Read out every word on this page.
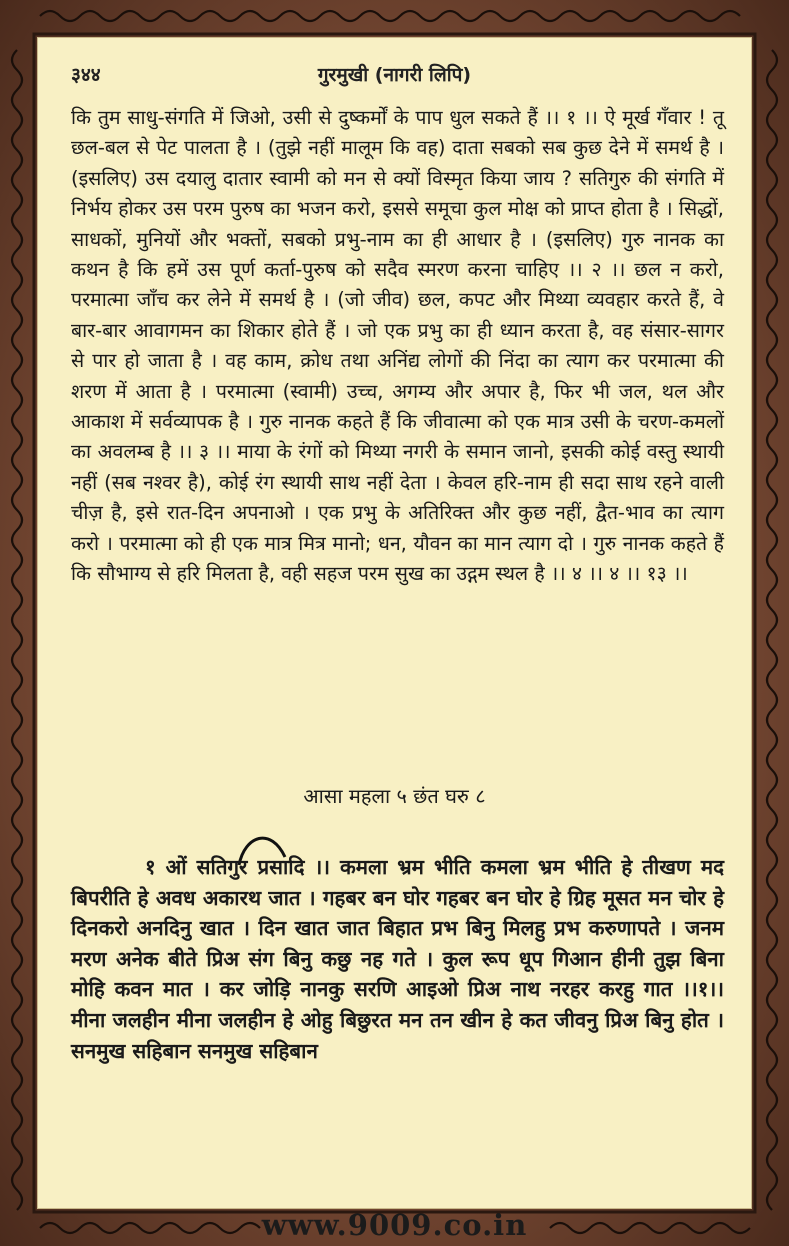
३४४	गुरमुखी (नागरी लिपि)

कि तुम साधु-संगति में जिओ, उसी से दुष्कर्मों के पाप धुल सकते हैं ।। १ ।। ऐ मूर्ख गँवार ! तू छल-बल से पेट पालता है । (तुझे नहीं मालूम कि वह) दाता सबको सब कुछ देने में समर्थ है । (इसलिए) उस दयालु दातार स्वामी को मन से क्यों विस्मृत किया जाय ? सतिगुरु की संगति में निर्भय होकर उस परम पुरुष का भजन करो, इससे समूचा कुल मोक्ष को प्राप्त होता है । सिद्धों, साधकों, मुनियों और भक्तों, सबको प्रभु-नाम का ही आधार है । (इसलिए) गुरु नानक का कथन है कि हमें उस पूर्ण कर्ता-पुरुष को सदैव स्मरण करना चाहिए ।। २ ।। छल न करो, परमात्मा जाँच कर लेने में समर्थ है । (जो जीव) छल, कपट और मिथ्या व्यवहार करते हैं, वे बार-बार आवागमन का शिकार होते हैं । जो एक प्रभु का ही ध्यान करता है, वह संसार-सागर से पार हो जाता है । वह काम, क्रोध तथा अनिंद्य लोगों की निंदा का त्याग कर परमात्मा की शरण में आता है । परमात्मा (स्वामी) उच्च, अगम्य और अपार है, फिर भी जल, थल और आकाश में सर्वव्यापक है । गुरु नानक कहते हैं कि जीवात्मा को एक मात्र उसी के चरण-कमलों का अवलम्ब है ।। ३ ।। माया के रंगों को मिथ्या नगरी के समान जानो, इसकी कोई वस्तु स्थायी नहीं (सब नश्वर है), कोई रंग स्थायी साथ नहीं देता । केवल हरि-नाम ही सदा साथ रहने वाली चीज़ है, इसे रात-दिन अपनाओ । एक प्रभु के अतिरिक्त और कुछ नहीं, द्वैत-भाव का त्याग करो । परमात्मा को ही एक मात्र मित्र मानो; धन, यौवन का मान त्याग दो । गुरु नानक कहते हैं कि सौभाग्य से हरि मिलता है, वही सहज परम सुख का उद्गम स्थल है ।। ४ ।। ४ ।। १३ ।।

आसा महला ५ छंत घरु ८

१ ओं सतिगुर प्रसादि ।। कमला भ्रम भीति कमला भ्रम भीति हे तीखण मद बिपरीति हे अवध अकारथ जात । गहबर बन घोर गहबर बन घोर हे ग्रिह मूसत मन चोर हे दिनकरो अनदिनु खात । दिन खात जात बिहात प्रभ बिनु मिलहु प्रभ करुणापते । जनम मरण अनेक बीते प्रिअ संग बिनु कछु नह गते । कुल रूप धूप गिआन हीनी तुझ बिना मोहि कवन मात । कर जोड़ि नानकु सरणि आइओ प्रिअ नाथ नरहर करहु गात ।।१।। मीना जलहीन मीना जलहीन हे ओहु बिछुरत मन तन खीन हे कत जीवनु प्रिअ बिनु होत । सनमुख सहिबान सनमुख सहिबान

www.9009.co.in
